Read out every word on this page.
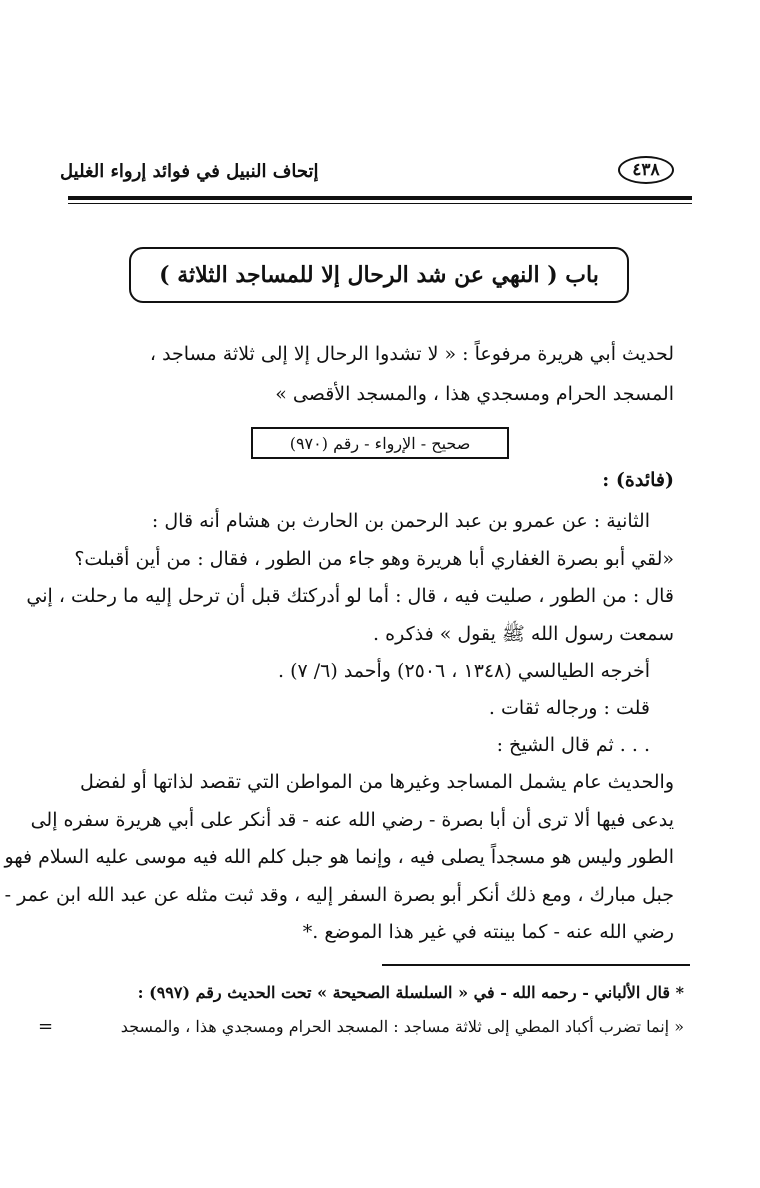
٤٣٨
إتحاف النبيل في فوائد إرواء الغليل
باب ( النهي عن شد الرحال إلا للمساجد الثلاثة )
لحديث أبي هريرة مرفوعاً : « لا تشدوا الرحال إلا إلى ثلاثة مساجد ،
المسجد الحرام ومسجدي هذا ، والمسجد الأقصى »
صحيح - الإرواء - رقم (٩٧٠)
(فائدة) :
الثانية : عن عمرو بن عبد الرحمن بن الحارث بن هشام أنه قال :
«لقي أبو بصرة الغفاري أبا هريرة وهو جاء من الطور ، فقال : من أين أقبلت؟
قال : من الطور ، صليت فيه ، قال : أما لو أدركتك قبل أن ترحل إليه ما رحلت ، إني
سمعت رسول الله ﷺ يقول » فذكره .
أخرجه الطيالسي (١٣٤٨ ، ٢٥٠٦) وأحمد (٦/ ٧) .
قلت : ورجاله ثقات .
. . . ثم قال الشيخ :
والحديث عام يشمل المساجد وغيرها من المواطن التي تقصد لذاتها أو لفضل
يدعى فيها ألا ترى أن أبا بصرة - رضي الله عنه - قد أنكر على أبي هريرة سفره إلى
الطور وليس هو مسجداً يصلى فيه ، وإنما هو جبل كلم الله فيه موسى عليه السلام فهو
جبل مبارك ، ومع ذلك أنكر أبو بصرة السفر إليه ، وقد ثبت مثله عن عبد الله ابن عمر -
رضي الله عنه - كما بينته في غير هذا الموضع .*
* قال الألباني - رحمه الله - في « السلسلة الصحيحة » تحت الحديث رقم (٩٩٧) :
« إنما تضرب أكباد المطي إلى ثلاثة مساجد : المسجد الحرام ومسجدي هذا ، والمسجد
=
